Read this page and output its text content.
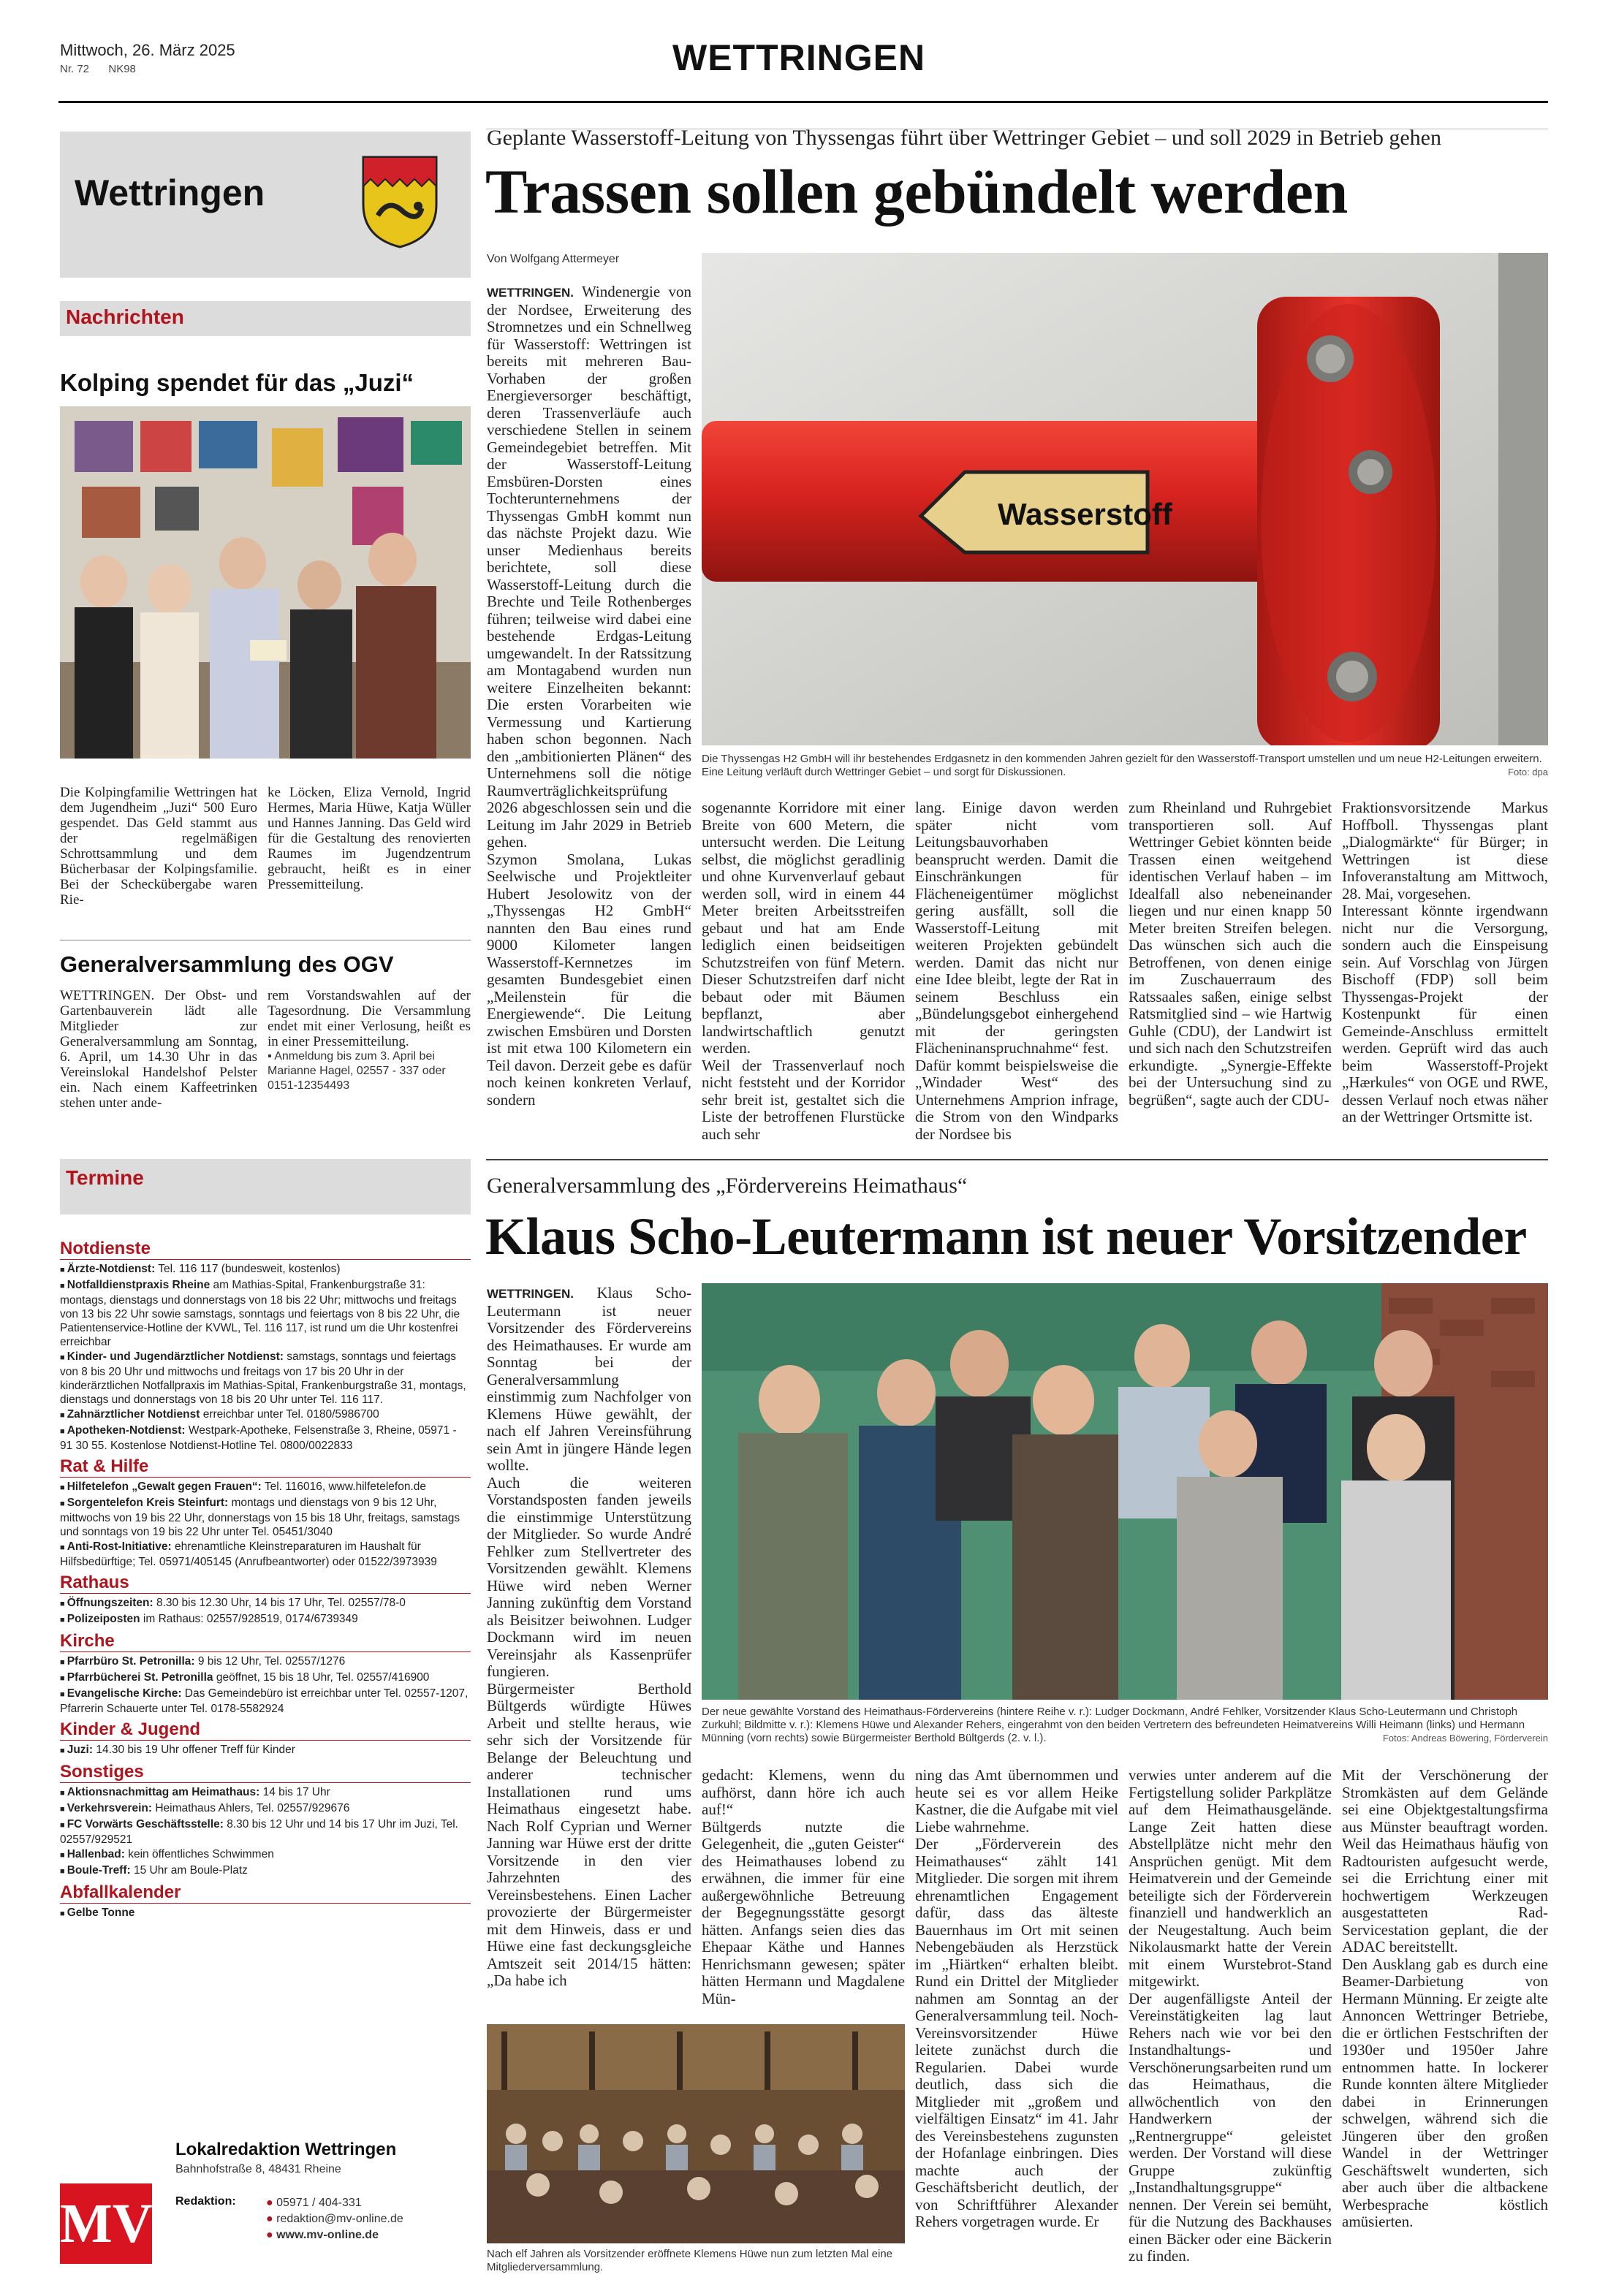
Mittwoch, 26. März 2025
Nr. 72 NK98	WETTRINGEN
Wettringen
Nachrichten
Kolping spendet für das „Juzi“
Die Kolpingfamilie Wettringen hat dem Jugendheim „Juzi“ 500 Euro gespendet. Das Geld stammt aus der regelmäßigen Schrottsammlung und dem Bücherbasar der Kolpingsfamilie. Bei der Scheckübergabe waren Rie-
ke Löcken, Eliza Vernold, Ingrid Hermes, Maria Hüwe, Katja Wüller und Hannes Janning. Das Geld wird für die Gestaltung des renovierten Raumes im Jugendzentrum gebraucht, heißt es in einer Pressemitteilung.
Generalversammlung des OGV
WETTRINGEN. Der Obst- und Gartenbauverein lädt alle Mitglieder zur Generalversammlung am Sonntag, 6. April, um 14.30 Uhr in das Vereinslokal Handelshof Pelster ein. Nach einem Kaffeetrinken stehen unter ande-
rem Vorstandswahlen auf der Tagesordnung. Die Versammlung endet mit einer Verlosung, heißt es in einer Pressemitteilung.
▪ Anmeldung bis zum 3. April bei Marianne Hagel, 02557 - 337 oder 0151-12354493
Termine
Notdienste
■ Ärzte-Notdienst: Tel. 116 117 (bundesweit, kostenlos)
■ Notfalldienstpraxis Rheine am Mathias-Spital, Frankenburgstraße 31: montags, dienstags und donnerstags von 18 bis 22 Uhr; mittwochs und freitags von 13 bis 22 Uhr sowie samstags, sonntags und feiertags von 8 bis 22 Uhr, die Patientenservice-Hotline der KVWL, Tel. 116 117, ist rund um die Uhr kostenfrei erreichbar
■ Kinder- und Jugendärztlicher Notdienst: samstags, sonntags und feiertags von 8 bis 20 Uhr und mittwochs und freitags von 17 bis 20 Uhr in der kinderärztlichen Notfallpraxis im Mathias-Spital, Frankenburgstraße 31, montags, dienstags und donnerstags von 18 bis 20 Uhr unter Tel. 116 117.
■ Zahnärztlicher Notdienst erreichbar unter Tel. 0180/5986700
■ Apotheken-Notdienst: Westpark-Apotheke, Felsenstraße 3, Rheine, 05971 - 91 30 55. Kostenlose Notdienst-Hotline Tel. 0800/0022833
Rat & Hilfe
■ Hilfetelefon „Gewalt gegen Frauen“: Tel. 116016, www.hilfetelefon.de
■ Sorgentelefon Kreis Steinfurt: montags und dienstags von 9 bis 12 Uhr, mittwochs von 19 bis 22 Uhr, donnerstags von 15 bis 18 Uhr, freitags, samstags und sonntags von 19 bis 22 Uhr unter Tel. 05451/3040
■ Anti-Rost-Initiative: ehrenamtliche Kleinstreparaturen im Haushalt für Hilfsbedürftige; Tel. 05971/405145 (Anrufbeantworter) oder 01522/3973939
Rathaus
■ Öffnungszeiten: 8.30 bis 12.30 Uhr, 14 bis 17 Uhr, Tel. 02557/78-0
■ Polizeiposten im Rathaus: 02557/928519, 0174/6739349
Kirche
■ Pfarrbüro St. Petronilla: 9 bis 12 Uhr, Tel. 02557/1276
■ Pfarrbücherei St. Petronilla geöffnet, 15 bis 18 Uhr, Tel. 02557/416900
■ Evangelische Kirche: Das Gemeindebüro ist erreichbar unter Tel. 02557-1207, Pfarrerin Schauerte unter Tel. 0178-5582924
Kinder & Jugend
■ Juzi: 14.30 bis 19 Uhr offener Treff für Kinder
Sonstiges
■ Aktionsnachmittag am Heimathaus: 14 bis 17 Uhr
■ Verkehrsverein: Heimathaus Ahlers, Tel. 02557/929676
■ FC Vorwärts Geschäftsstelle: 8.30 bis 12 Uhr und 14 bis 17 Uhr im Juzi, Tel. 02557/929521
■ Hallenbad: kein öffentliches Schwimmen
■ Boule-Treff: 15 Uhr am Boule-Platz
Abfallkalender
■ Gelbe Tonne
MV
Lokalredaktion Wettringen
Bahnhofstraße 8, 48431 Rheine
Redaktion:	● 05971 / 404-331
● redaktion@mv-online.de
● www.mv-online.de
Geplante Wasserstoff-Leitung von Thyssengas führt über Wettringer Gebiet – und soll 2029 in Betrieb gehen
Trassen sollen gebündelt werden
Von Wolfgang Attermeyer
WETTRINGEN. Windenergie von der Nordsee, Erweiterung des Stromnetzes und ein Schnellweg für Wasserstoff: Wettringen ist bereits mit mehreren Bau-Vorhaben der großen Energieversorger beschäftigt, deren Trassenverläufe auch verschiedene Stellen in seinem Gemeindegebiet betreffen. Mit der Wasserstoff-Leitung Emsbüren-Dorsten eines Tochterunternehmens der Thyssengas GmbH kommt nun das nächste Projekt dazu. Wie unser Medienhaus bereits berichtete, soll diese Wasserstoff-Leitung durch die Brechte und Teile Rothenberges führen; teilweise wird dabei eine bestehende Erdgas-Leitung umgewandelt. In der Ratssitzung am Montagabend wurden nun weitere Einzelheiten bekannt: Die ersten Vorarbeiten wie Vermessung und Kartierung haben schon begonnen. Nach den „ambitionierten Plänen“ des Unternehmens soll die nötige Raumverträglichkeitsprüfung 2026 abgeschlossen sein und die Leitung im Jahr 2029 in Betrieb gehen.
Szymon Smolana, Lukas Seelwische und Projektleiter Hubert Jesolowitz von der „Thyssengas H2 GmbH“ nannten den Bau eines rund 9000 Kilometer langen Wasserstoff-Kernnetzes im gesamten Bundesgebiet einen „Meilenstein für die Energiewende“. Die Leitung zwischen Emsbüren und Dorsten ist mit etwa 100 Kilometern ein Teil davon. Derzeit gebe es dafür noch keinen konkreten Verlauf, sondern
Wasserstoff
Die Thyssengas H2 GmbH will ihr bestehendes Erdgasnetz in den kommenden Jahren gezielt für den Wasserstoff-Transport umstellen und um neue H2-Leitungen erweitern. Eine Leitung verläuft durch Wettringer Gebiet – und sorgt für Diskussionen.	Foto: dpa
sogenannte Korridore mit einer Breite von 600 Metern, die untersucht werden. Die Leitung selbst, die möglichst geradlinig und ohne Kurvenverlauf gebaut werden soll, wird in einem 44 Meter breiten Arbeitsstreifen gebaut und hat am Ende lediglich einen beidseitigen Schutzstreifen von fünf Metern. Dieser Schutzstreifen darf nicht bebaut oder mit Bäumen bepflanzt, aber landwirtschaftlich genutzt werden.
Weil der Trassenverlauf noch nicht feststeht und der Korridor sehr breit ist, gestaltet sich die Liste der betroffenen Flurstücke auch sehr
lang. Einige davon werden später nicht vom Leitungsbauvorhaben beansprucht werden. Damit die Einschränkungen für Flächeneigentümer möglichst gering ausfällt, soll die Wasserstoff-Leitung mit weiteren Projekten gebündelt werden. Damit das nicht nur eine Idee bleibt, legte der Rat in seinem Beschluss ein „Bündelungsgebot einhergehend mit der geringsten Flächeninanspruchnahme“ fest.
Dafür kommt beispielsweise die „Windader West“ des Unternehmens Amprion infrage, die Strom von den Windparks der Nordsee bis
zum Rheinland und Ruhrgebiet transportieren soll. Auf Wettringer Gebiet könnten beide Trassen einen weitgehend identischen Verlauf haben – im Idealfall also nebeneinander liegen und nur einen knapp 50 Meter breiten Streifen belegen. Das wünschen sich auch die Betroffenen, von denen einige im Zuschauerraum des Ratssaales saßen, einige selbst Ratsmitglied sind – wie Hartwig Guhle (CDU), der Landwirt ist und sich nach den Schutzstreifen erkundigte. „Synergie-Effekte bei der Untersuchung sind zu begrüßen“, sagte auch der CDU-
Fraktionsvorsitzende Markus Hoffboll. Thyssengas plant „Dialogmärkte“ für Bürger; in Wettringen ist diese Infoveranstaltung am Mittwoch, 28. Mai, vorgesehen.
Interessant könnte irgendwann nicht nur die Versorgung, sondern auch die Einspeisung sein. Auf Vorschlag von Jürgen Bischoff (FDP) soll beim Thyssengas-Projekt der Kostenpunkt für einen Gemeinde-Anschluss ermittelt werden. Geprüft wird das auch beim Wasserstoff-Projekt „Hærkules“ von OGE und RWE, dessen Verlauf noch etwas näher an der Wettringer Ortsmitte ist.
Generalversammlung des „Fördervereins Heimathaus“
Klaus Scho-Leutermann ist neuer Vorsitzender
WETTRINGEN. Klaus Scho-Leutermann ist neuer Vorsitzender des Fördervereins des Heimathauses. Er wurde am Sonntag bei der Generalversammlung einstimmig zum Nachfolger von Klemens Hüwe gewählt, der nach elf Jahren Vereinsführung sein Amt in jüngere Hände legen wollte.
Auch die weiteren Vorstandsposten fanden jeweils die einstimmige Unterstützung der Mitglieder. So wurde André Fehlker zum Stellvertreter des Vorsitzenden gewählt. Klemens Hüwe wird neben Werner Janning zukünftig dem Vorstand als Beisitzer beiwohnen. Ludger Dockmann wird im neuen Vereinsjahr als Kassenprüfer fungieren.
Bürgermeister Berthold Bültgerds würdigte Hüwes Arbeit und stellte heraus, wie sehr sich der Vorsitzende für Belange der Beleuchtung und anderer technischer Installationen rund ums Heimathaus eingesetzt habe. Nach Rolf Cyprian und Werner Janning war Hüwe erst der dritte Vorsitzende in den vier Jahrzehnten des Vereinsbestehens. Einen Lacher provozierte der Bürgermeister mit dem Hinweis, dass er und Hüwe eine fast deckungsgleiche Amtszeit seit 2014/15 hätten: „Da habe ich
Der neue gewählte Vorstand des Heimathaus-Fördervereins (hintere Reihe v. r.): Ludger Dockmann, André Fehlker, Vorsitzender Klaus Scho-Leutermann und Christoph Zurkuhl; Bildmitte v. r.): Klemens Hüwe und Alexander Rehers, eingerahmt von den beiden Vertretern des befreundeten Heimatvereins Willi Heimann (links) und Hermann Münning (vorn rechts) sowie Bürgermeister Berthold Bültgerds (2. v. l.).	Fotos: Andreas Böwering, Förderverein
gedacht: Klemens, wenn du aufhörst, dann höre ich auch auf!“
Bültgerds nutzte die Gelegenheit, die „guten Geister“ des Heimathauses lobend zu erwähnen, die immer für eine außergewöhnliche Betreuung der Begegnungsstätte gesorgt hätten. Anfangs seien dies das Ehepaar Käthe und Hannes Henrichsmann gewesen; später hätten Hermann und Magdalene Mün-
ning das Amt übernommen und heute sei es vor allem Heike Kastner, die die Aufgabe mit viel Liebe wahrnehme.
Der „Förderverein des Heimathauses“ zählt 141 Mitglieder. Die sorgen mit ihrem ehrenamtlichen Engagement dafür, dass das älteste Bauernhaus im Ort mit seinen Nebengebäuden als Herzstück im „Hiärtken“ erhalten bleibt. Rund ein Drittel der Mitglieder nahmen am Sonntag an der Generalversammlung teil. Noch-Vereinsvorsitzender Hüwe leitete zunächst durch die Regularien. Dabei wurde deutlich, dass sich die Mitglieder mit „großem und vielfältigen Einsatz“ im 41. Jahr des Vereinsbestehens zugunsten der Hofanlage einbringen. Dies machte auch der Geschäftsbericht deutlich, der von Schriftführer Alexander Rehers vorgetragen wurde. Er
verwies unter anderem auf die Fertigstellung solider Parkplätze auf dem Heimathausgelände. Lange Zeit hatten diese Abstellplätze nicht mehr den Ansprüchen genügt. Mit dem Heimatverein und der Gemeinde beteiligte sich der Förderverein finanziell und handwerklich an der Neugestaltung. Auch beim Nikolausmarkt hatte der Verein mit einem Wurstebrot-Stand mitgewirkt.
Der augenfälligste Anteil der Vereinstätigkeiten lag laut Rehers nach wie vor bei den Instandhaltungs- und Verschönerungsarbeiten rund um das Heimathaus, die allwöchentlich von den Handwerkern der „Rentnergruppe“ geleistet werden. Der Vorstand will diese Gruppe zukünftig „Instandhaltungsgruppe“ nennen. Der Verein sei bemüht, für die Nutzung des Backhauses einen Bäcker oder eine Bäckerin zu finden.
Mit der Verschönerung der Stromkästen auf dem Gelände sei eine Objektgestaltungsfirma aus Münster beauftragt worden. Weil das Heimathaus häufig von Radtouristen aufgesucht werde, sei die Errichtung einer mit hochwertigem Werkzeugen ausgestatteten Rad-Servicestation geplant, die der ADAC bereitstellt.
Den Ausklang gab es durch eine Beamer-Darbietung von Hermann Münning. Er zeigte alte Annoncen Wettringer Betriebe, die er örtlichen Festschriften der 1930er und 1950er Jahre entnommen hatte. In lockerer Runde konnten ältere Mitglieder dabei in Erinnerungen schwelgen, während sich die Jüngeren über den großen Wandel in der Wettringer Geschäftswelt wunderten, sich aber auch über die altbackene Werbesprache köstlich amüsierten.
Nach elf Jahren als Vorsitzender eröffnete Klemens Hüwe nun zum letzten Mal eine Mitgliederversammlung.
